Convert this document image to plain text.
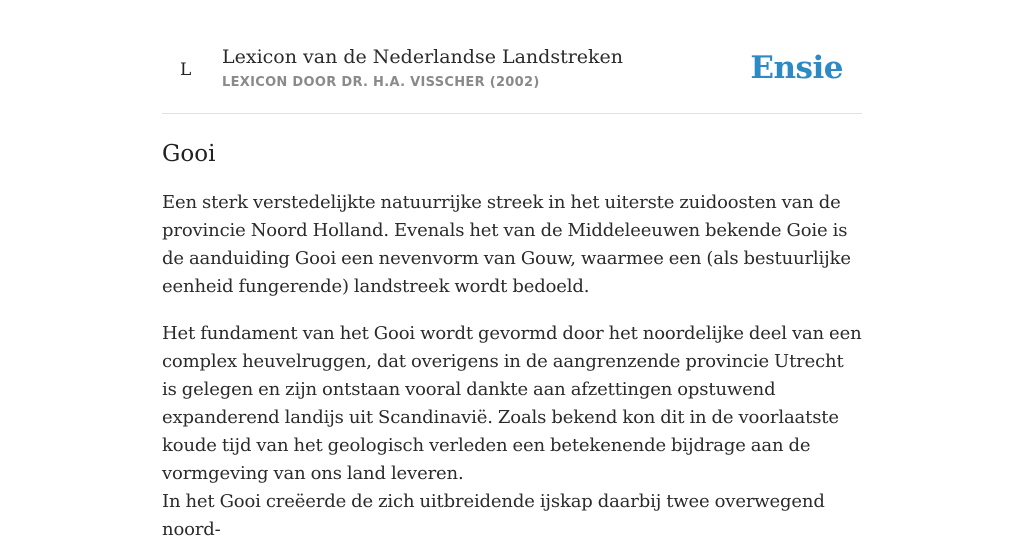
L
Lexicon van de Nederlandse Landstreken
LEXICON DOOR DR. H.A. VISSCHER (2002)	Ensie
Gooi

Een sterk verstedelijkte natuurrijke streek in het uiterste zuidoosten van de provincie Noord Holland. Evenals het van de Middeleeuwen bekende Goie is de aanduiding Gooi een nevenvorm van Gouw, waarmee een (als bestuurlijke eenheid fungerende) landstreek wordt bedoeld.

Het fundament van het Gooi wordt gevormd door het noordelijke deel van een complex heuvelruggen, dat overigens in de aangrenzende provincie Utrecht is gelegen en zijn ontstaan vooral dankte aan afzettingen opstuwend expanderend landijs uit Scandinavië. Zoals bekend kon dit in de voorlaatste koude tijd van het geologisch verleden een betekenende bijdrage aan de vormgeving van ons land leveren.

In het Gooi creëerde de zich uitbreidende ijskap daarbij twee overwegend noord-
